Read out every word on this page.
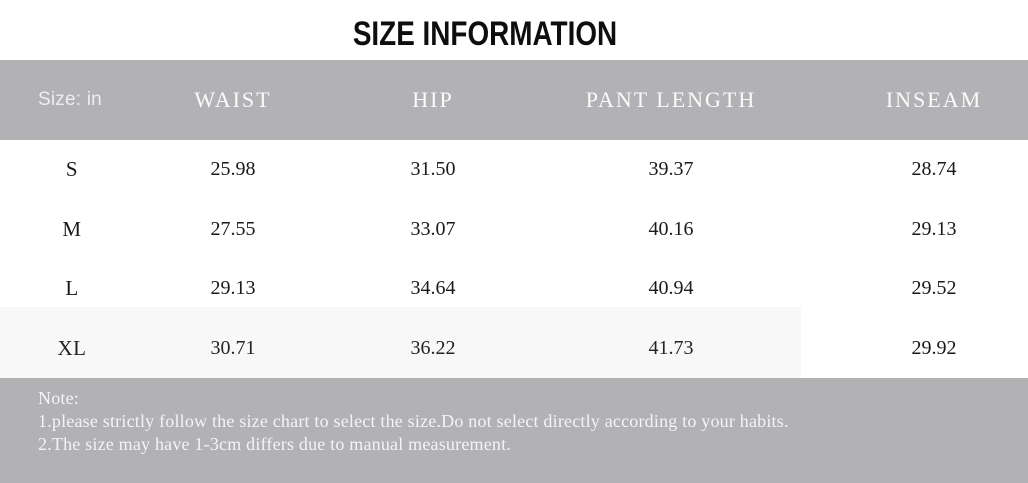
SIZE INFORMATION
Size: in	WAIST	HIP	PANT LENGTH	INSEAM
S	25.98	31.50	39.37	28.74
M	27.55	33.07	40.16	29.13
L	29.13	34.64	40.94	29.52
XL	30.71	36.22	41.73	29.92
Note:
1.please strictly follow the size chart to select the size.Do not select directly according to your habits.
2.The size may have 1-3cm differs due to manual measurement.
